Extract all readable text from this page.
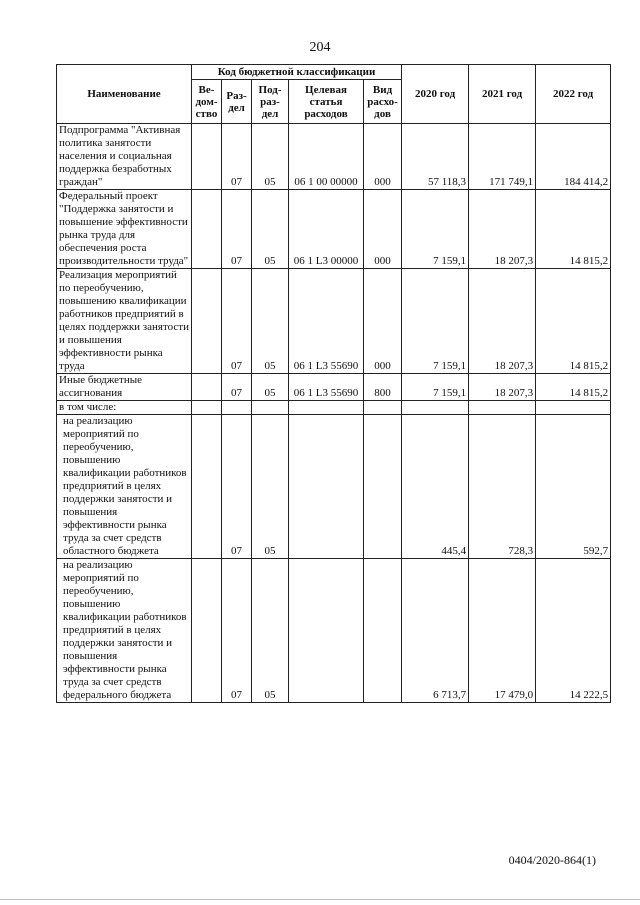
204
Наименование	Код бюджетной классификации					2020 год	2021 год	2022 год
	Ве- дом- ство	Раз- дел	Под- раз- дел	Целевая статья расходов	Вид расхо- дов			
Подпрограмма "Активная политика занятости населения и социальная поддержка безработных граждан"		07	05	06 1 00 00000	000	57 118,3	171 749,1	184 414,2
Федеральный проект "Поддержка занятости и повышение эффективности рынка труда для обеспечения роста производительности труда"		07	05	06 1 L3 00000	000	7 159,1	18 207,3	14 815,2
Реализация мероприятий по переобучению, повышению квалификации работников предприятий в целях поддержки занятости и повышения эффективности рынка труда		07	05	06 1 L3 55690	000	7 159,1	18 207,3	14 815,2
Иные бюджетные ассигнования		07	05	06 1 L3 55690	800	7 159,1	18 207,3	14 815,2
в том числе:								
на реализацию мероприятий по переобучению, повышению квалификации работников предприятий в целях поддержки занятости и повышения эффективности рынка труда за счет средств областного бюджета		07	05			445,4	728,3	592,7
на реализацию мероприятий по переобучению, повышению квалификации работников предприятий в целях поддержки занятости и повышения эффективности рынка труда за счет средств федерального бюджета		07	05			6 713,7	17 479,0	14 222,5
0404/2020-864(1)
